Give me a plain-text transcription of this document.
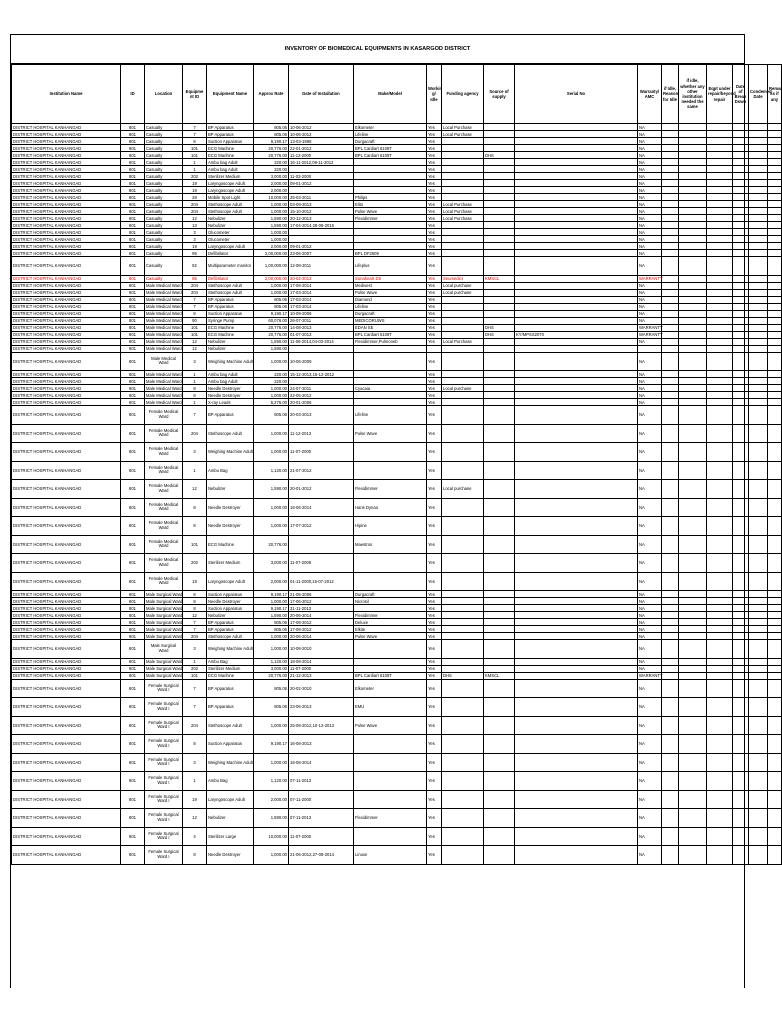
INVENTORY OF BIOMEDICAL EQUIPMENTS IN KASARGOD DISTRICT
Institution Name	ID	Location	Equipme nt ID	Equipment Name	Approx Rate	Date of Installation	Make/Model	Workin g/ Idle	Funding agency	Source of supply	Serial No	Warranty/ AMC	if Idle, Reason for Idle	if idle, whether any other institution needed the same	Eqpt under repair/beyond repair	Date of Break Down	Condemed Date	Remar ks if any
DISTRICT HOSPITAL KANHANGAD	801	Casualty	7	BP Apparatus	805.06	10-06-2012	Elkometer	Yes	Local Purchase			NA						
DISTRICT HOSPITAL KANHANGAD	801	Casualty	7	BP Apparatus	805.06	10-06-2012	Lifeline	Yes	Local Purchase			NA						
DISTRICT HOSPITAL KANHANGAD	801	Casualty	8	Suction Apparatus	9,190.17	13-03-1998	Durgacraft	Yes				NA						
DISTRICT HOSPITAL KANHANGAD	801	Casualty	101	ECG Machine	20,776.00	22-01-2012	BPL Cardiart 6108T	Yes				NA						
DISTRICT HOSPITAL KANHANGAD	801	Casualty	101	ECG Machine	20,776.00	11-12-2000	BPL Cardiart 6108T	Yes		DHS		NA						
DISTRICT HOSPITAL KANHANGAD	801	Casualty	1	Ambu bag Adult	220.00	16-11-2012,09-11-2012		Yes				NA						
DISTRICT HOSPITAL KANHANGAD	801	Casualty	1	Ambu bag Adult	220.00			Yes				NA						
DISTRICT HOSPITAL KANHANGAD	801	Casualty	202	Sterilizer Medium	3,000.00	11-03-2000		Yes				NA						
DISTRICT HOSPITAL KANHANGAD	801	Casualty	19	Laryngoscope Adult	2,000.00	09-01-2012		Yes				NA						
DISTRICT HOSPITAL KANHANGAD	801	Casualty	19	Laryngoscope Adult	2,000.00			Yes				NA						
DISTRICT HOSPITAL KANHANGAD	801	Casualty	28	Mobile Spot Light	10,000.00	25-03-2011	Philips	Yes				NA						
DISTRICT HOSPITAL KANHANGAD	801	Casualty	204	Stethoscope Adult	1,000.00	03-09-2013	Elito	Yes	Local Purchase			NA						
DISTRICT HOSPITAL KANHANGAD	801	Casualty	204	Stethoscope Adult	1,000.00	15-10-2012	Pulse Wave	Yes	Local Purchase			NA						
DISTRICT HOSPITAL KANHANGAD	801	Casualty	12	Nebulizer	1,590.00	20-12-2013	Flexidimmer	Yes	Local Purchase			NA						
DISTRICT HOSPITAL KANHANGAD	801	Casualty	13	Nebulizer	1,590.00	17-04-2014,28-08-2015		Yes				NA						
DISTRICT HOSPITAL KANHANGAD	801	Casualty	3	Glucometer	1,000.00			Yes				NA						
DISTRICT HOSPITAL KANHANGAD	801	Casualty	3	Glucometer	1,000.00			Yes				NA						
DISTRICT HOSPITAL KANHANGAD	801	Casualty	19	Laryngoscope Adult	2,000.00	09-01-2012		Yes				NA						
DISTRICT HOSPITAL KANHANGAD	801	Casualty	95	Defibrilator	2,00,000.00	23-06-2007	BPL DF2509	Yes				NA						
DISTRICT HOSPITAL KANHANGAD	801	Casualty	92	Multiparameter monitor	1,00,000.00	12-08-2011	Lifeplus	Yes				NA						
DISTRICT HOSPITAL KANHANGAD	801	Casualty	95	Defibrilator	2,00,000.00	20-02-2013	Sonaheart DS	Yes	Seumedict	KMSCL		WARRANTY						
DISTRICT HOSPITAL KANHANGAD	801	Male Medical Ward	204	Stethoscope Adult	1,000.00	17-08-2014	Medivest	Yes	Local purchase			NA						
DISTRICT HOSPITAL KANHANGAD	801	Male Medical Ward	204	Stethoscope Adult	1,000.00	17-03-2014	Pulse Wave	Yes	Local purchase			NA						
DISTRICT HOSPITAL KANHANGAD	801	Male Medical Ward	7	BP Apparatus	805.06	17-03-2014	Diamond	Yes				NA						
DISTRICT HOSPITAL KANHANGAD	801	Male Medical Ward	7	BP Apparatus	805.06	17-03-2014	Lifeline	Yes				NA						
DISTRICT HOSPITAL KANHANGAD	801	Male Medical Ward	8	Suction Apparatus	9,190.17	10-09-2008	Durgacraft	Yes				NA						
DISTRICT HOSPITAL KANHANGAD	801	Male Medical Ward	90	Syringe Pump	60,076.00	26-07-2011	MEDICORUWS	Yes				NA						
DISTRICT HOSPITAL KANHANGAD	801	Male Medical Ward	101	ECG Machine	20,776.00	14-08-2013	EDAN SE	Yes		DHS		WARRANTY						
DISTRICT HOSPITAL KANHANGAD	801	Male Medical Ward	101	ECG Machine	20,776.00	01-07-2013	BPL Cardiart 6108T	Yes		DHS	KY/MPSS2070	WARRANTY						
DISTRICT HOSPITAL KANHANGAD	801	Male Medical Ward	12	Nebulizer	1,590.00	11-08-2014,04-03-2014	Flexidimmer,Pulmoneb	Yes	Local Purchase			NA						
DISTRICT HOSPITAL KANHANGAD	801	Male Medical Ward	12	Nebulizer	1,590.00													
DISTRICT HOSPITAL KANHANGAD	801	Male Medical Ward	3	Weighing Machine Adult	1,000.00	10-06-2009		Yes				NA						
DISTRICT HOSPITAL KANHANGAD	801	Male Medical Ward	1	Ambu bag Adult	220.00	15-12-2013,15-12-2012		Yes				NA						
DISTRICT HOSPITAL KANHANGAD	801	Male Medical Ward	1	Ambu bag Adult	220.00			Yes				NA						
DISTRICT HOSPITAL KANHANGAD	801	Male Medical Ward	8	Needle Destroyer	1,000.00	24-07-2011	Cyacaia	Yes	Local purchase			NA						
DISTRICT HOSPITAL KANHANGAD	801	Male Medical Ward	8	Needle Destroyer	1,000.00	22-05-2012		Yes				NA						
DISTRICT HOSPITAL KANHANGAD	801	Male Medical Ward	1	X-ray Leads	5,276.00	20-01-2006		Yes				NA						
DISTRICT HOSPITAL KANHANGAD	801	Female Medical Ward	7	BP Apparatus	805.06	20-03-2013	Lifeline	Yes				NA						
DISTRICT HOSPITAL KANHANGAD	801	Female Medical Ward	204	Stethoscope Adult	1,000.00	11-12-2013	Pulse Wave	Yes				NA						
DISTRICT HOSPITAL KANHANGAD	801	Female Medical Ward	3	Weighing Machine Adult	1,000.00	11-07-2000		Yes				NA						
DISTRICT HOSPITAL KANHANGAD	801	Female Medical Ward	1	Ambu Bag	1,120.00	21-07-2012		Yes				NA						
DISTRICT HOSPITAL KANHANGAD	801	Female Medical Ward	12	Nebulizer	1,590.00	20-01-2012	Flexidimmer	Yes	Local purchase			NA						
DISTRICT HOSPITAL KANHANGAD	801	Female Medical Ward	8	Needle Destroyer	1,000.00	16-06-2014	Hans Dynao	Yes				NA						
DISTRICT HOSPITAL KANHANGAD	801	Female Medical Ward	8	Needle Destroyer	1,000.00	17-07-2012	Hipine	Yes				NA						
DISTRICT HOSPITAL KANHANGAD	801	Female Medical Ward	101	ECG Machine	20,776.00		Maestros	Yes				NA						
DISTRICT HOSPITAL KANHANGAD	801	Female Medical Ward	202	Sterilizer Medium	3,000.00	11-07-2006		Yes				NA						
DISTRICT HOSPITAL KANHANGAD	801	Female Medical Ward	19	Laryngoscope Adult	2,000.00	01-11-2000,15-07-2012		Yes				NA						
DISTRICT HOSPITAL KANHANGAD	801	Male Surgical Ward	8	Suction Apparatus	9,190.17	21-05-2006	Durgacraft	Yes				NA						
DISTRICT HOSPITAL KANHANGAD	801	Male Surgical Ward	8	Needle Destroyer	1,000.00	17-06-2012	Nicrosil	Yes				NA						
DISTRICT HOSPITAL KANHANGAD	801	Male Surgical Ward	8	Suction Apparatus	9,190.17	31-11-2013		Yes				NA						
DISTRICT HOSPITAL KANHANGAD	801	Male Surgical Ward	12	Nebulizer	1,590.00	20-06-2014	Flexidimmer	Yes				NA						
DISTRICT HOSPITAL KANHANGAD	801	Male Surgical Ward	7	BP Apparatus	805.06	17-08-2012	Deluxe	Yes				NA						
DISTRICT HOSPITAL KANHANGAD	801	Male Surgical Ward	7	BP Apparatus	805.06	17-08-2012	Elkite	Yes				NA						
DISTRICT HOSPITAL KANHANGAD	801	Male Surgical Ward	204	Stethoscope Adult	1,000.00	20-06-2014	Pulse Wave	Yes				NA						
DISTRICT HOSPITAL KANHANGAD	801	Male Surgical Ward	3	Weighing Machine Adult	1,000.00	10-08-2010		Yes				NA						
DISTRICT HOSPITAL KANHANGAD	801	Male Surgical Ward	1	Ambu Bag	1,120.00	18-08-2014		Yes				NA						
DISTRICT HOSPITAL KANHANGAD	801	Male Surgical Ward	202	Sterilizer Medium	3,000.00	11-07-2000		Yes				NA						
DISTRICT HOSPITAL KANHANGAD	801	Male Surgical Ward	101	ECG Machine	20,776.00	21-12-2013	BPL Cardiart 6108T	Yes	DHS	KMSCL		WARRANTY						
DISTRICT HOSPITAL KANHANGAD	801	Female Surgical Ward I	7	BP Apparatus	805.06	20-02-2010	Elkometer	Yes				NA						
DISTRICT HOSPITAL KANHANGAD	801	Female Surgical Ward I	7	BP Apparatus	805.06	23-06-2013	EMU	Yes				NA						
DISTRICT HOSPITAL KANHANGAD	801	Female Surgical Ward I	204	Stethoscope Adult	1,000.00	25-08-2012,10-12-2013	Pulse Wave	Yes				NA						
DISTRICT HOSPITAL KANHANGAD	801	Female Surgical Ward I	8	Suction Apparatus	9,190.17	16-08-2013		Yes				NA						
DISTRICT HOSPITAL KANHANGAD	801	Female Surgical Ward I	3	Weighing Machine Adult	1,000.00	16-08-2014		Yes				NA						
DISTRICT HOSPITAL KANHANGAD	801	Female Surgical Ward I	1	Ambu Bag	1,120.00	07-11-2013		Yes				NA						
DISTRICT HOSPITAL KANHANGAD	801	Female Surgical Ward I	19	Laryngoscope Adult	2,000.00	07-11-2000		Yes				NA						
DISTRICT HOSPITAL KANHANGAD	801	Female Surgical Ward I	12	Nebulizer	1,590.00	07-11-2013	Flexidimmer	Yes				NA						
DISTRICT HOSPITAL KANHANGAD	801	Female Surgical Ward I	4	Sterilizer Large	10,000.00	11-07-2000		Yes				NA						
DISTRICT HOSPITAL KANHANGAD	801	Female Surgical Ward I	8	Needle Destroyer	1,000.00	21-06-2012,27-08-2014	Linuxe	Yes				NA						
